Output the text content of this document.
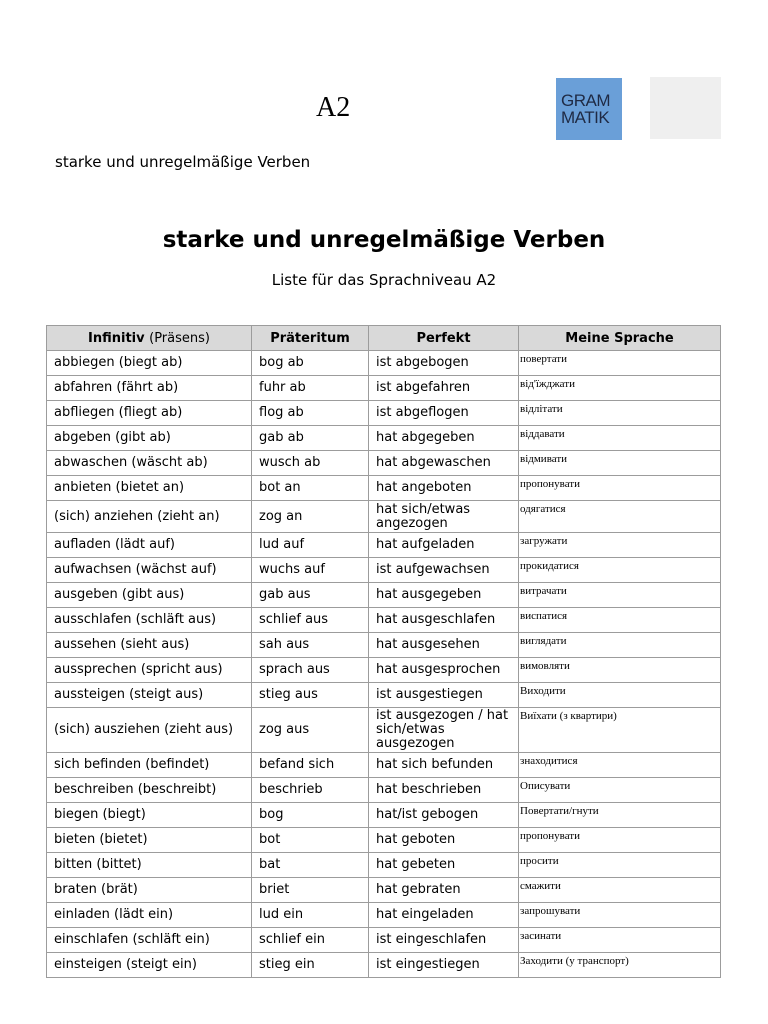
A2	GRAM
MATIK
starke und unregelmäßige Verben
starke und unregelmäßige Verben
Liste für das Sprachniveau A2
Infinitiv (Präsens)	Präteritum	Perfekt	Meine Sprache
abbiegen (biegt ab)	bog ab	ist abgebogen	повертати
abfahren (fährt ab)	fuhr ab	ist abgefahren	від'їжджати
abfliegen (fliegt ab)	flog ab	ist abgeflogen	відлітати
abgeben (gibt ab)	gab ab	hat abgegeben	віддавати
abwaschen (wäscht ab)	wusch ab	hat abgewaschen	відмивати
anbieten (bietet an)	bot an	hat angeboten	пропонувати
(sich) anziehen (zieht an)	zog an	hat sich/etwas angezogen	одягатися
aufladen (lädt auf)	lud auf	hat aufgeladen	загружати
aufwachsen (wächst auf)	wuchs auf	ist aufgewachsen	прокидатися
ausgeben (gibt aus)	gab aus	hat ausgegeben	витрачати
ausschlafen (schläft aus)	schlief aus	hat ausgeschlafen	виспатися
aussehen (sieht aus)	sah aus	hat ausgesehen	виглядати
aussprechen (spricht aus)	sprach aus	hat ausgesprochen	вимовляти
aussteigen (steigt aus)	stieg aus	ist ausgestiegen	Виходити
(sich) ausziehen (zieht aus)	zog aus	ist ausgezogen / hat sich/etwas ausgezogen	Виїхати (з квартири)
sich befinden (befindet)	befand sich	hat sich befunden	знаходитися
beschreiben (beschreibt)	beschrieb	hat beschrieben	Описувати
biegen (biegt)	bog	hat/ist gebogen	Повертати/гнути
bieten (bietet)	bot	hat geboten	пропонувати
bitten (bittet)	bat	hat gebeten	просити
braten (brät)	briet	hat gebraten	смажити
einladen (lädt ein)	lud ein	hat eingeladen	запрошувати
einschlafen (schläft ein)	schlief ein	ist eingeschlafen	засинати
einsteigen (steigt ein)	stieg ein	ist eingestiegen	Заходити (у транспорт)
